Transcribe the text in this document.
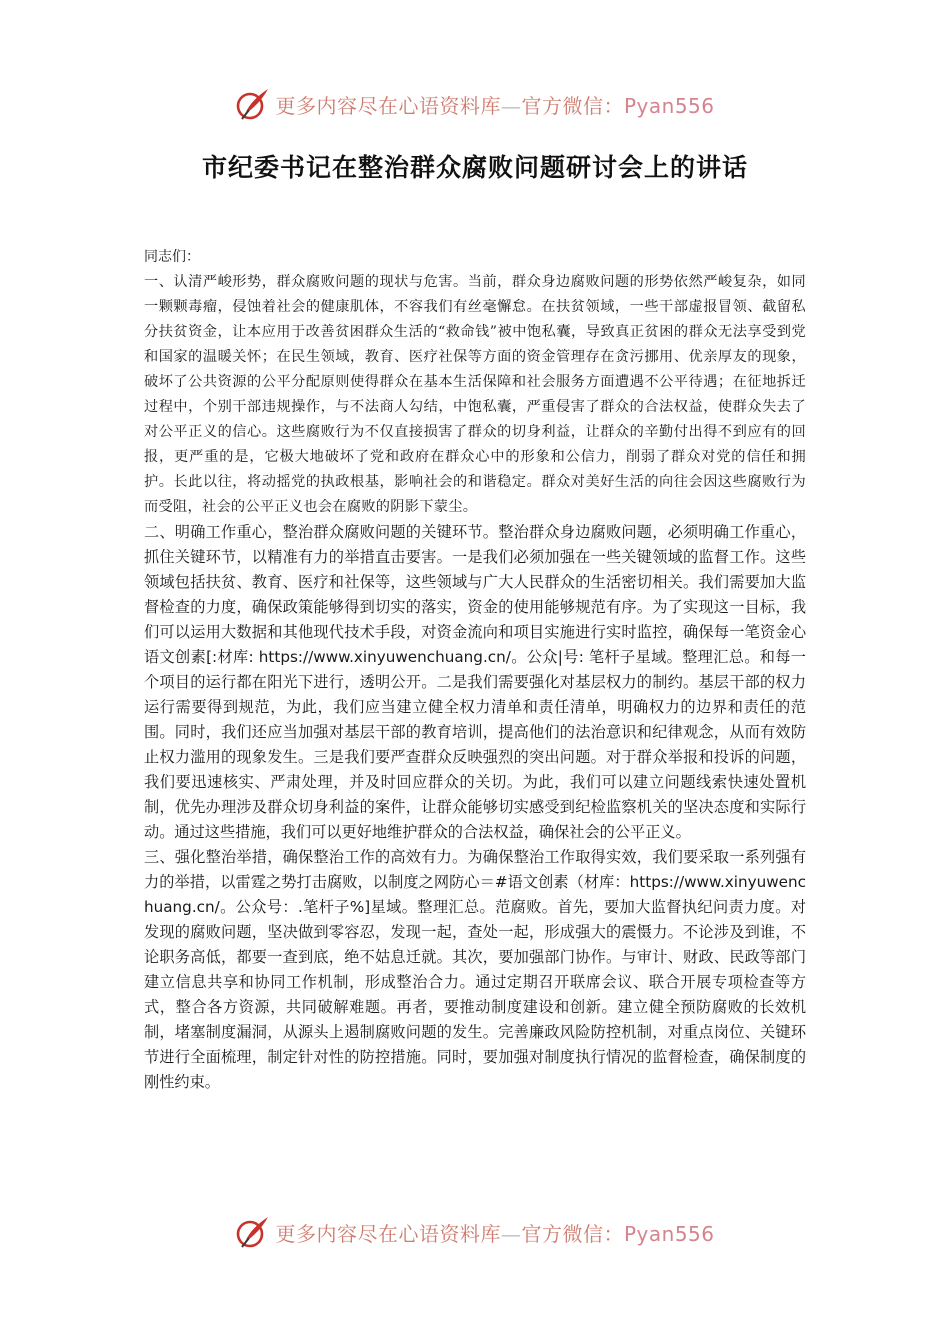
更多内容尽在心语资料库—官方微信：Pyan556
市纪委书记在整治群众腐败问题研讨会上的讲话

同志们：

一、认清严峻形势，群众腐败问题的现状与危害。当前，群众身边腐败问题的形势依然严峻复杂，如同一颗颗毒瘤，侵蚀着社会的健康肌体，不容我们有丝毫懈怠。在扶贫领域，一些干部虚报冒领、截留私分扶贫资金，让本应用于改善贫困群众生活的“救命钱”被中饱私囊，导致真正贫困的群众无法享受到党和国家的温暖关怀；在民生领域，教育、医疗社保等方面的资金管理存在贪污挪用、优亲厚友的现象，破坏了公共资源的公平分配原则使得群众在基本生活保障和社会服务方面遭遇不公平待遇；在征地拆迁过程中，个别干部违规操作，与不法商人勾结，中饱私囊，严重侵害了群众的合法权益，使群众失去了对公平正义的信心。这些腐败行为不仅直接损害了群众的切身利益，让群众的辛勤付出得不到应有的回报，更严重的是，它极大地破坏了党和政府在群众心中的形象和公信力，削弱了群众对党的信任和拥护。长此以往，将动摇党的执政根基，影响社会的和谐稳定。群众对美好生活的向往会因这些腐败行为而受阻，社会的公平正义也会在腐败的阴影下蒙尘。

二、明确工作重心，整治群众腐败问题的关键环节。整治群众身边腐败问题，必须明确工作重心，抓住关键环节，以精准有力的举措直击要害。一是我们必须加强在一些关键领域的监督工作。这些领域包括扶贫、教育、医疗和社保等，这些领域与广大人民群众的生活密切相关。我们需要加大监督检查的力度，确保政策能够得到切实的落实，资金的使用能够规范有序。为了实现这一目标，我们可以运用大数据和其他现代技术手段，对资金流向和项目实施进行实时监控，确保每一笔资金心语文创素[:材库: https://www.xinyuwenchuang.cn/。公众|号: 笔杆子星域。整理汇总。和每一个项目的运行都在阳光下进行，透明公开。二是我们需要强化对基层权力的制约。基层干部的权力运行需要得到规范，为此，我们应当建立健全权力清单和责任清单，明确权力的边界和责任的范围。同时，我们还应当加强对基层干部的教育培训，提高他们的法治意识和纪律观念，从而有效防止权力滥用的现象发生。三是我们要严查群众反映强烈的突出问题。对于群众举报和投诉的问题，我们要迅速核实、严肃处理，并及时回应群众的关切。为此，我们可以建立问题线索快速处置机制，优先办理涉及群众切身利益的案件，让群众能够切实感受到纪检监察机关的坚决态度和实际行动。通过这些措施，我们可以更好地维护群众的合法权益，确保社会的公平正义。

三、强化整治举措，确保整治工作的高效有力。为确保整治工作取得实效，我们要采取一系列强有力的举措，以雷霆之势打击腐败，以制度之网防心＝#语文创素（材库：https://www.xinyuwenchuang.cn/。公众号：.笔杆子%]星域。整理汇总。范腐败。首先，要加大监督执纪问责力度。对发现的腐败问题，坚决做到零容忍，发现一起，查处一起，形成强大的震慑力。不论涉及到谁，不论职务高低，都要一查到底，绝不姑息迁就。其次，要加强部门协作。与审计、财政、民政等部门建立信息共享和协同工作机制，形成整治合力。通过定期召开联席会议、联合开展专项检查等方式，整合各方资源，共同破解难题。再者，要推动制度建设和创新。建立健全预防腐败的长效机制，堵塞制度漏洞，从源头上遏制腐败问题的发生。完善廉政风险防控机制，对重点岗位、关键环节进行全面梳理，制定针对性的防控措施。同时，要加强对制度执行情况的监督检查，确保制度的刚性约束。

更多内容尽在心语资料库—官方微信：Pyan556
